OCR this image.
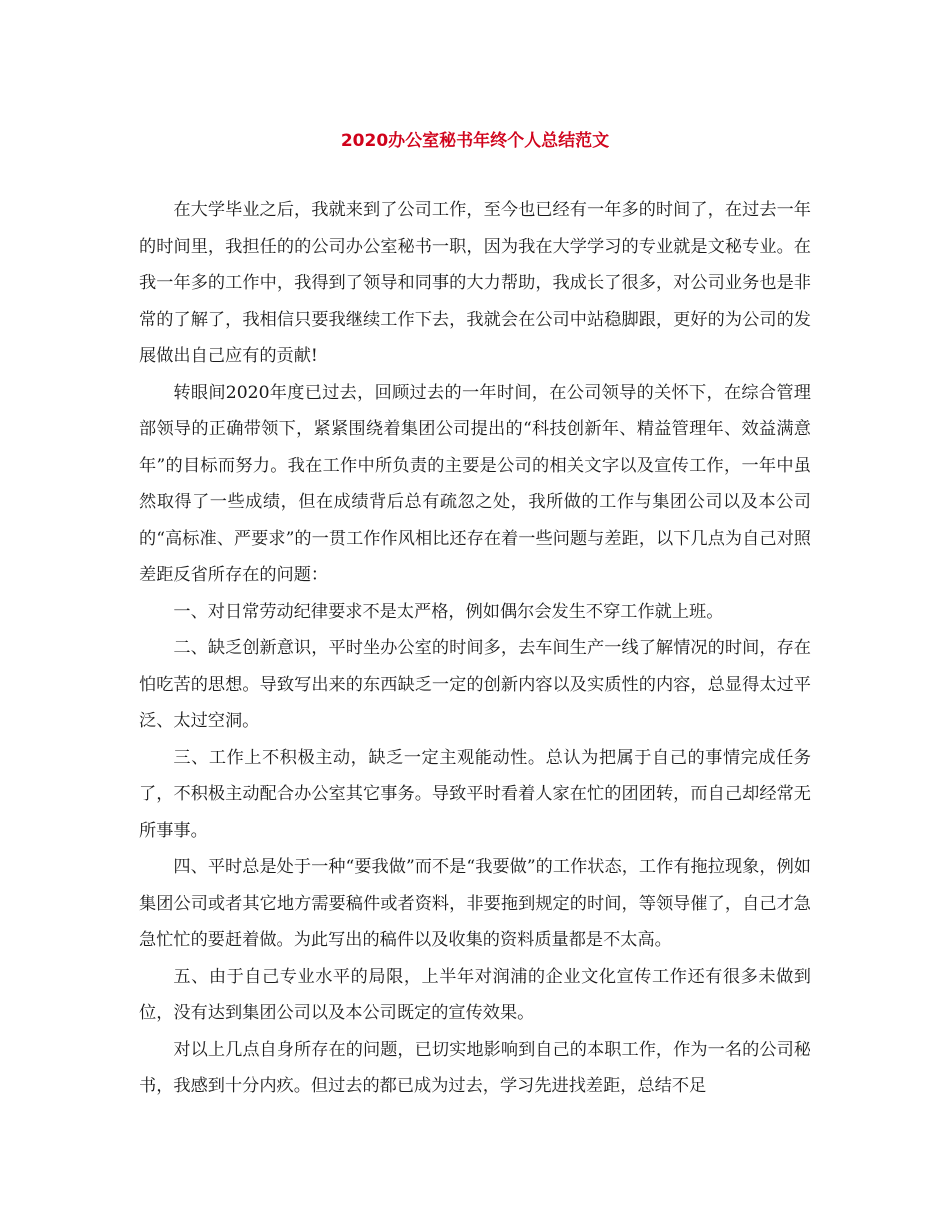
2020办公室秘书年终个人总结范文

在大学毕业之后，我就来到了公司工作，至今也已经有一年多的时间了，在过去一年的时间里，我担任的的公司办公室秘书一职，因为我在大学学习的专业就是文秘专业。在我一年多的工作中，我得到了领导和同事的大力帮助，我成长了很多，对公司业务也是非常的了解了，我相信只要我继续工作下去，我就会在公司中站稳脚跟，更好的为公司的发展做出自己应有的贡献!

转眼间2020年度已过去，回顾过去的一年时间，在公司领导的关怀下，在综合管理部领导的正确带领下，紧紧围绕着集团公司提出的“科技创新年、精益管理年、效益满意年”的目标而努力。我在工作中所负责的主要是公司的相关文字以及宣传工作，一年中虽然取得了一些成绩，但在成绩背后总有疏忽之处，我所做的工作与集团公司以及本公司的“高标准、严要求”的一贯工作作风相比还存在着一些问题与差距，以下几点为自己对照差距反省所存在的问题：

一、对日常劳动纪律要求不是太严格，例如偶尔会发生不穿工作就上班。

二、缺乏创新意识，平时坐办公室的时间多，去车间生产一线了解情况的时间，存在怕吃苦的思想。导致写出来的东西缺乏一定的创新内容以及实质性的内容，总显得太过平泛、太过空洞。

三、工作上不积极主动，缺乏一定主观能动性。总认为把属于自己的事情完成任务了，不积极主动配合办公室其它事务。导致平时看着人家在忙的团团转，而自己却经常无所事事。

四、平时总是处于一种“要我做”而不是“我要做”的工作状态，工作有拖拉现象，例如集团公司或者其它地方需要稿件或者资料，非要拖到规定的时间，等领导催了，自己才急急忙忙的要赶着做。为此写出的稿件以及收集的资料质量都是不太高。

五、由于自己专业水平的局限，上半年对润浦的企业文化宣传工作还有很多未做到位，没有达到集团公司以及本公司既定的宣传效果。

对以上几点自身所存在的问题，已切实地影响到自己的本职工作，作为一名的公司秘书，我感到十分内疚。但过去的都已成为过去，学习先进找差距，总结不足
